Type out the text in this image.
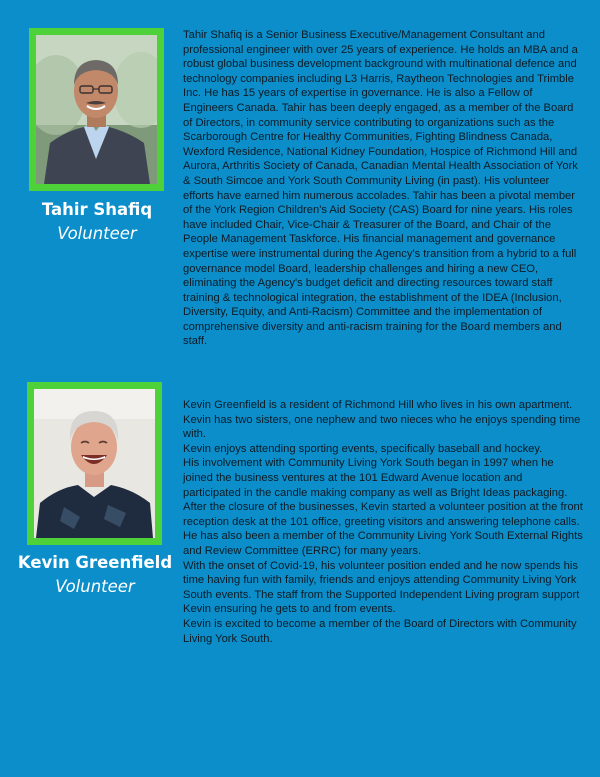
Tahir Shafiq
Volunteer

Tahir Shafiq is a Senior Business Executive/Management Consultant and professional engineer with over 25 years of experience. He holds an MBA and a robust global business development background with multinational defence and technology companies including L3 Harris, Raytheon Technologies and Trimble Inc. He has 15 years of expertise in governance. He is also a Fellow of Engineers Canada. Tahir has been deeply engaged, as a member of the Board of Directors, in community service contributing to organizations such as the Scarborough Centre for Healthy Communities, Fighting Blindness Canada, Wexford Residence, National Kidney Foundation, Hospice of Richmond Hill and Aurora, Arthritis Society of Canada, Canadian Mental Health Association of York & South Simcoe and York South Community Living (in past). His volunteer efforts have earned him numerous accolades. Tahir has been a pivotal member of the York Region Children's Aid Society (CAS) Board for nine years. His roles have included Chair, Vice-Chair & Treasurer of the Board, and Chair of the People Management Taskforce. His financial management and governance expertise were instrumental during the Agency's transition from a hybrid to a full governance model Board, leadership challenges and hiring a new CEO, eliminating the Agency's budget deficit and directing resources toward staff training & technological integration, the establishment of the IDEA (Inclusion, Diversity, Equity, and Anti-Racism) Committee and the implementation of comprehensive diversity and anti-racism training for the Board members and staff.

Kevin Greenfield
Volunteer

Kevin Greenfield is a resident of Richmond Hill who lives in his own apartment. Kevin has two sisters, one nephew and two nieces who he enjoys spending time with.

Kevin enjoys attending sporting events, specifically baseball and hockey.

His involvement with Community Living York South began in 1997 when he joined the business ventures at the 101 Edward Avenue location and participated in the candle making company as well as Bright Ideas packaging. After the closure of the businesses, Kevin started a volunteer position at the front reception desk at the 101 office, greeting visitors and answering telephone calls.

He has also been a member of the Community Living York South External Rights and Review Committee (ERRC) for many years.

With the onset of Covid-19, his volunteer position ended and he now spends his time having fun with family, friends and enjoys attending Community Living York South events. The staff from the Supported Independent Living program support Kevin ensuring he gets to and from events.

Kevin is excited to become a member of the Board of Directors with Community Living York South.
